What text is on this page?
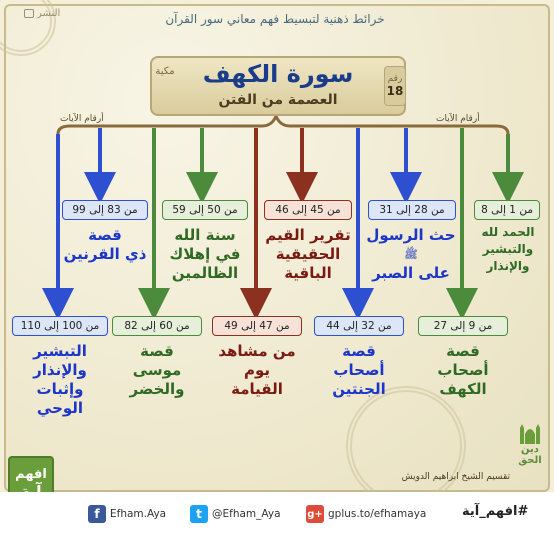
النشر	خرائط ذهنية لتبسيط فهم معاني سور القرآن
سورة الكهف
العصمة من الفتن
رقم
18
مكية
أرقام الآيات	أرقام الآيات
من 1 إلى 8
الحمد لله
والتبشير
والإنذار
من 28 إلى 31
حث الرسول
ﷺ
على الصبر
من 45 إلى 46
تقرير القيم
الحقيقية
الباقية
من 50 إلى 59
سنة الله
في إهلاك
الظالمين
من 83 إلى 99
قصة
ذي القرنين
من 9 إلى 27
قصة
أصحاب
الكهف
من 32 إلى 44
قصة
أصحاب
الجنتين
من 47 إلى 49
من مشاهد
يوم
القيامة
من 60 إلى 82
قصة
موسى
والخضر
من 100 إلى 110
التبشير
والإنذار
وإثبات
الوحي
تقسيم الشيخ ابراهيم الدويش
دين الحق
افهم
f Efham.Aya	t @Efham_Aya	g+ gplus.to/efhamaya	#افهم_آية
